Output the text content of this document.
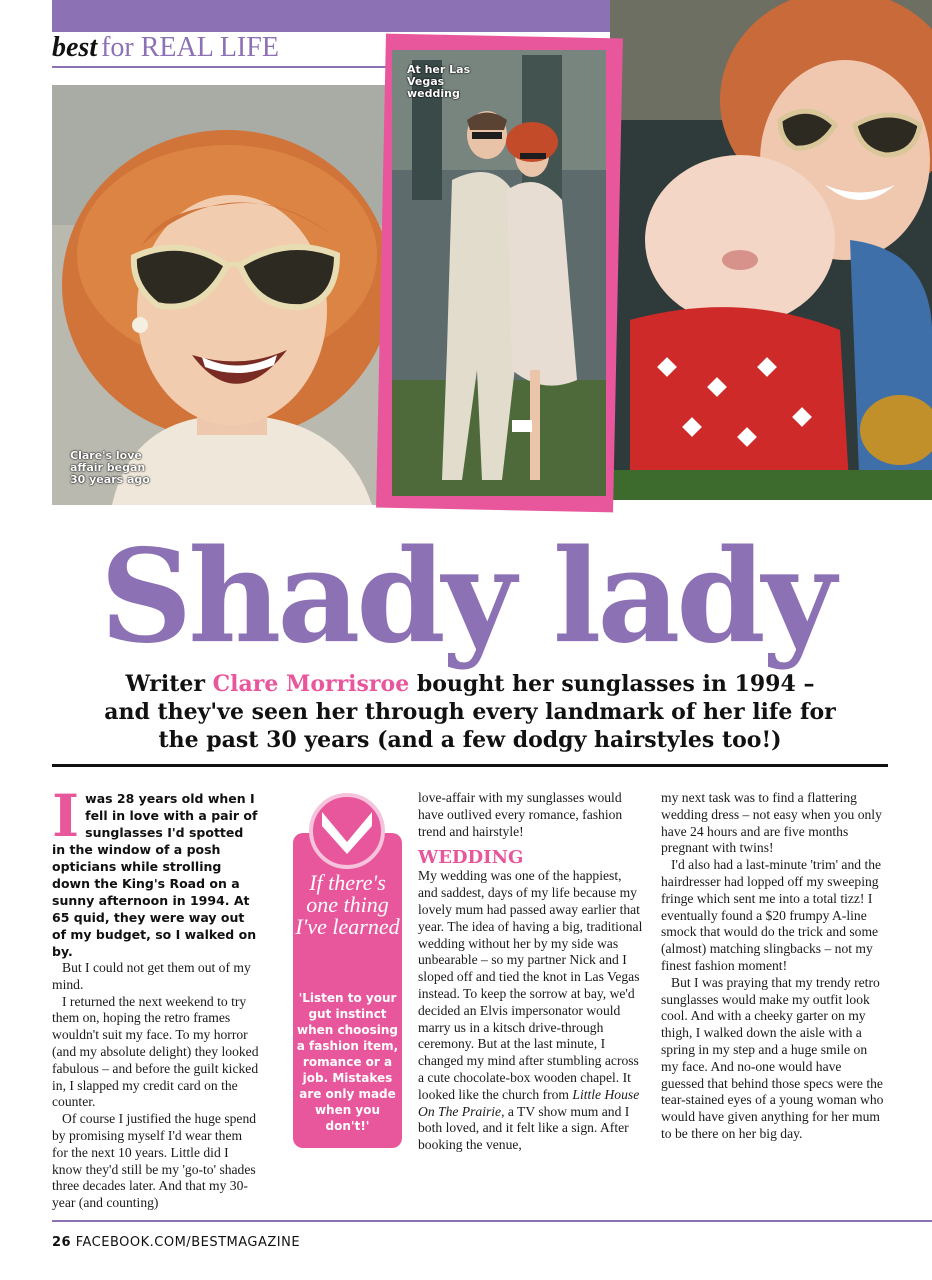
best for REAL LIFE
Clare's love
affair began
30 years ago
At her Las
Vegas
wedding
Shady lady
Writer Clare Morrisroe bought her sunglasses in 1994 – and they've seen her through every landmark of her life for the past 30 years (and a few dodgy hairstyles too!)
I was 28 years old when I fell in love with a pair of sunglasses I'd spotted in the window of a posh opticians while strolling down the King's Road on a sunny afternoon in 1994. At 65 quid, they were way out of my budget, so I walked on by.

But I could not get them out of my mind.

I returned the next weekend to try them on, hoping the retro frames wouldn't suit my face. To my horror (and my absolute delight) they looked fabulous – and before the guilt kicked in, I slapped my credit card on the counter.

Of course I justified the huge spend by promising myself I'd wear them for the next 10 years. Little did I know they'd still be my 'go-to' shades three decades later. And that my 30-year (and counting)

If there's one thing I've learned
'Listen to your gut instinct when choosing a fashion item, romance or a job. Mistakes are only made when you don't!'

love-affair with my sunglasses would have outlived every romance, fashion trend and hairstyle!

WEDDING

My wedding was one of the happiest, and saddest, days of my life because my lovely mum had passed away earlier that year. The idea of having a big, traditional wedding without her by my side was unbearable – so my partner Nick and I sloped off and tied the knot in Las Vegas instead. To keep the sorrow at bay, we'd decided an Elvis impersonator would marry us in a kitsch drive-through ceremony. But at the last minute, I changed my mind after stumbling across a cute chocolate-box wooden chapel. It looked like the church from Little House On The Prairie, a TV show mum and I both loved, and it felt like a sign. After booking the venue,

my next task was to find a flattering wedding dress – not easy when you only have 24 hours and are five months pregnant with twins!

I'd also had a last-minute 'trim' and the hairdresser had lopped off my sweeping fringe which sent me into a total tizz! I eventually found a $20 frumpy A-line smock that would do the trick and some (almost) matching slingbacks – not my finest fashion moment!

But I was praying that my trendy retro sunglasses would make my outfit look cool. And with a cheeky garter on my thigh, I walked down the aisle with a spring in my step and a huge smile on my face. And no-one would have guessed that behind those specs were the tear-stained eyes of a young woman who would have given anything for her mum to be there on her big day.

26 FACEBOOK.COM/BESTMAGAZINE
